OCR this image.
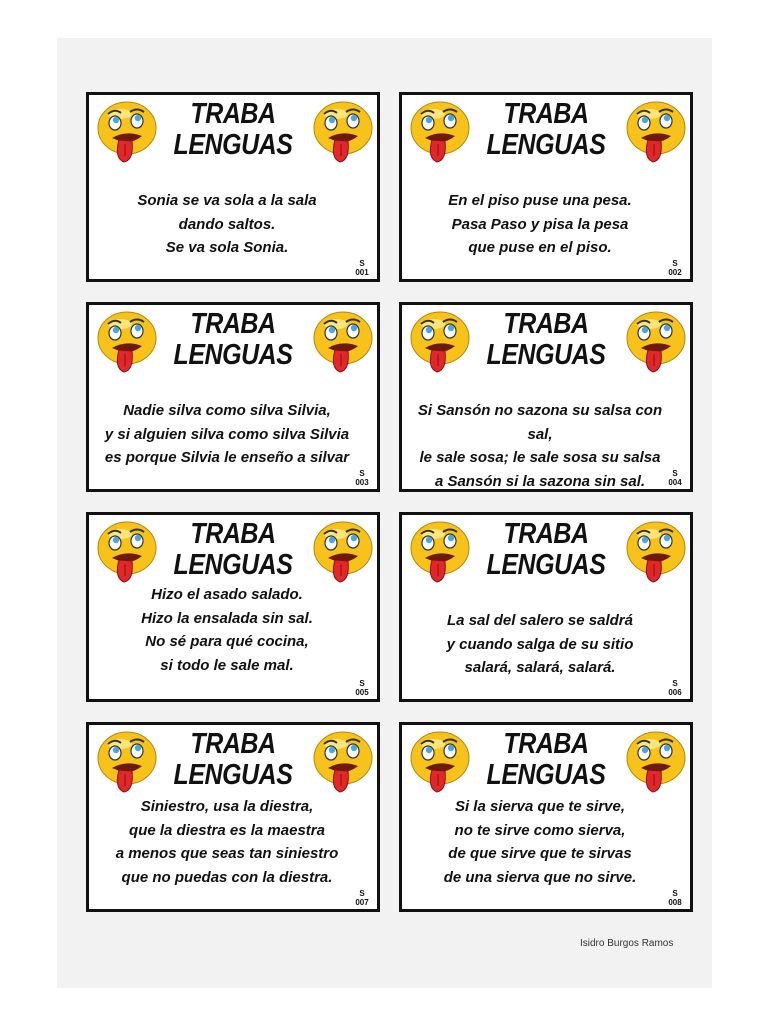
TRABA
LENGUAS
Sonia se va sola a la sala
dando saltos.
Se va sola Sonia.
S
001
TRABA
LENGUAS
En el piso puse una pesa.
Pasa Paso y pisa la pesa
que puse en el piso.
S
002
TRABA
LENGUAS
Nadie silva como silva Silvia,
y si alguien silva como silva Silvia
es porque Silvia le enseño a silvar
S
003
TRABA
LENGUAS
Si Sansón no sazona su salsa con sal,
le sale sosa; le sale sosa su salsa
a Sansón si la sazona sin sal.	S
004
TRABA
LENGUAS
Hizo el asado salado.
Hizo la ensalada sin sal.
No sé para qué cocina,
si todo le sale mal.
S
005
TRABA
LENGUAS
La sal del salero se saldrá
y cuando salga de su sitio
salará, salará, salará.
S
006
TRABA
LENGUAS
Siniestro, usa la diestra,
que la diestra es la maestra
a menos que seas tan siniestro
que no puedas con la diestra.
S
007
TRABA
LENGUAS
Si la sierva que te sirve,
no te sirve como sierva,
de que sirve que te sirvas
de una sierva que no sirve.
S
008
Isidro Burgos Ramos
